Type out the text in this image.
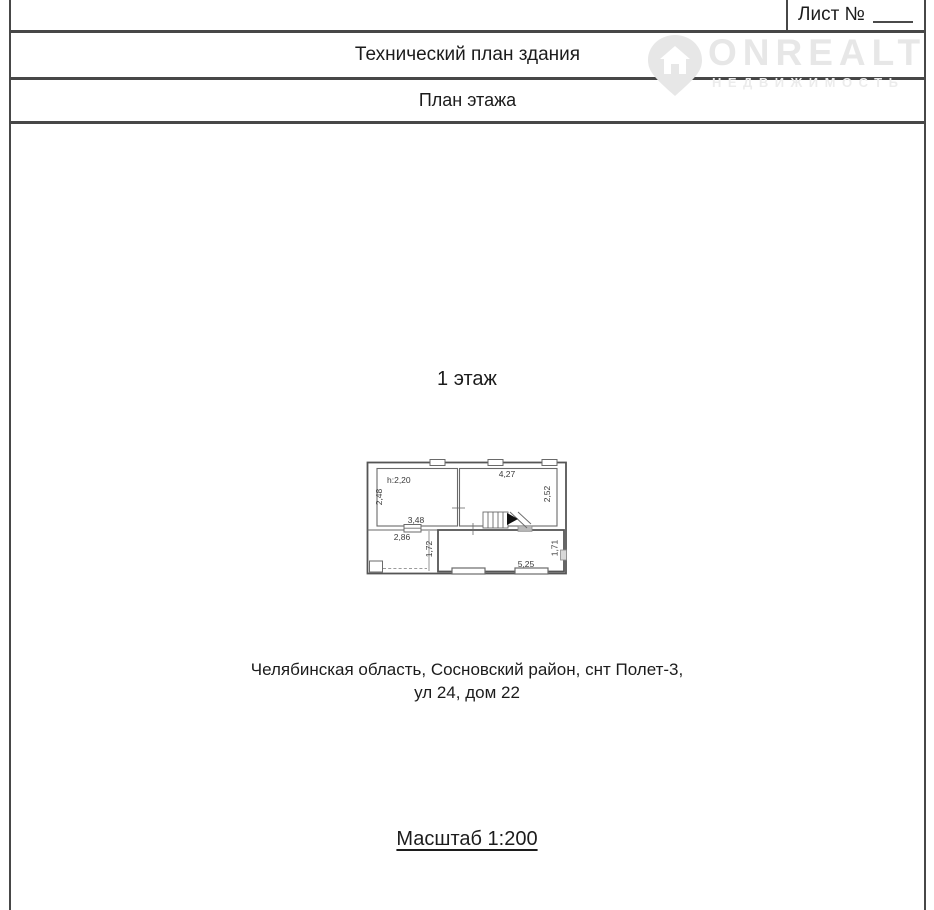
Лист №
Технический план здания
План этажа
ONREALT
НЕДВИЖИМОСТЬ
1 этаж
h:2,20
2,48
3,48
4,27
2,52
2,86
1,72
5,25
1,71
Челябинская область, Сосновский район, снт Полет-3,
ул 24, дом 22
Масштаб 1:200
